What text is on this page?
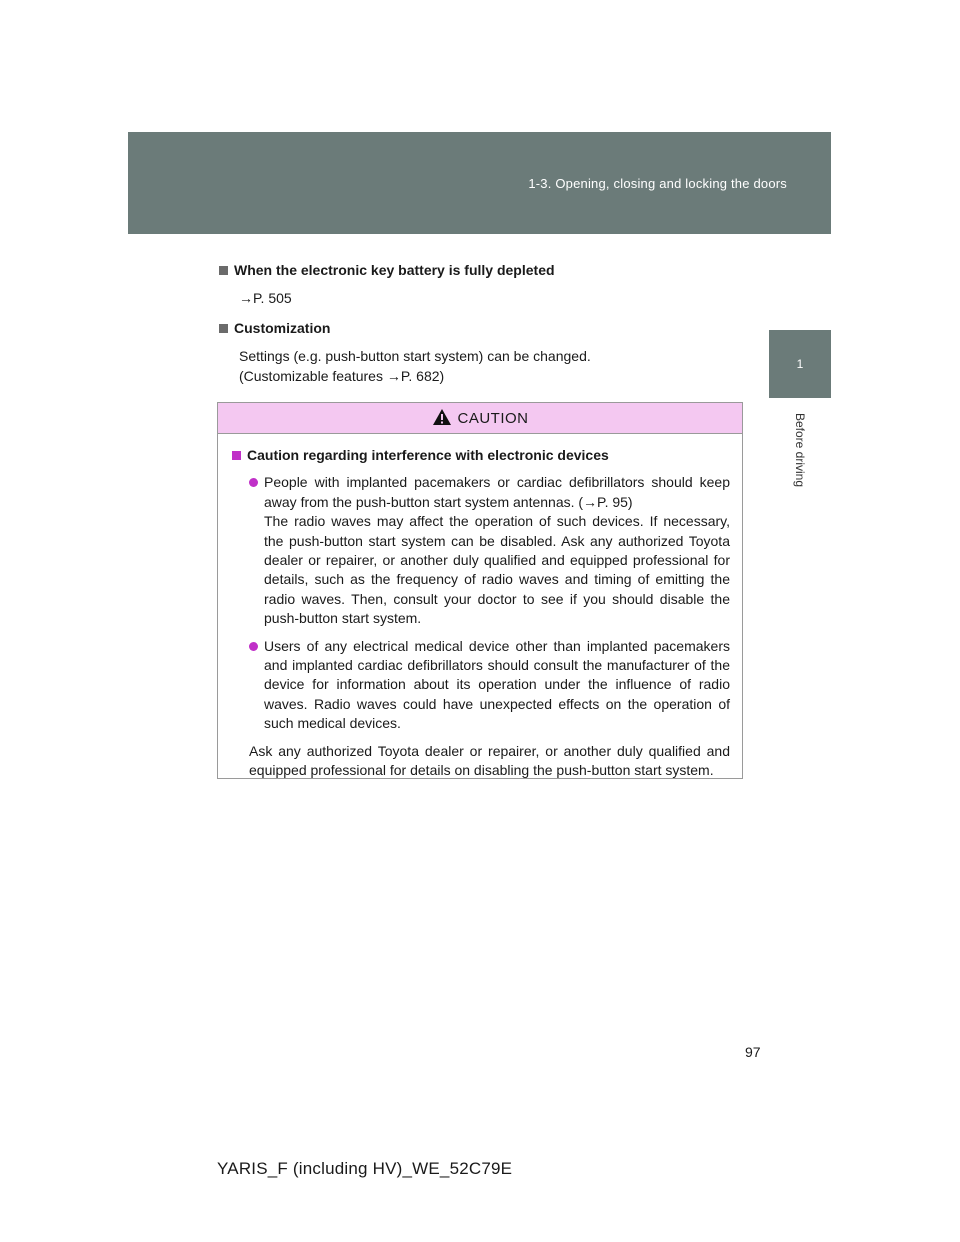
1-3. Opening, closing and locking the doors
1
Before driving
When the electronic key battery is fully depleted
→P. 505
Customization
Settings (e.g. push-button start system) can be changed.
(Customizable features →P. 682)
CAUTION
Caution regarding interference with electronic devices
People with implanted pacemakers or cardiac defibrillators should keep away from the push-button start system antennas. (→P. 95)
The radio waves may affect the operation of such devices. If necessary, the push-button start system can be disabled. Ask any authorized Toyota dealer or repairer, or another duly qualified and equipped professional for details, such as the frequency of radio waves and timing of emitting the radio waves. Then, consult your doctor to see if you should disable the push-button start system.
Users of any electrical medical device other than implanted pacemakers and implanted cardiac defibrillators should consult the manufacturer of the device for information about its operation under the influence of radio waves. Radio waves could have unexpected effects on the operation of such medical devices.
Ask any authorized Toyota dealer or repairer, or another duly qualified and equipped professional for details on disabling the push-button start system.
97
YARIS_F (including HV)_WE_52C79E
